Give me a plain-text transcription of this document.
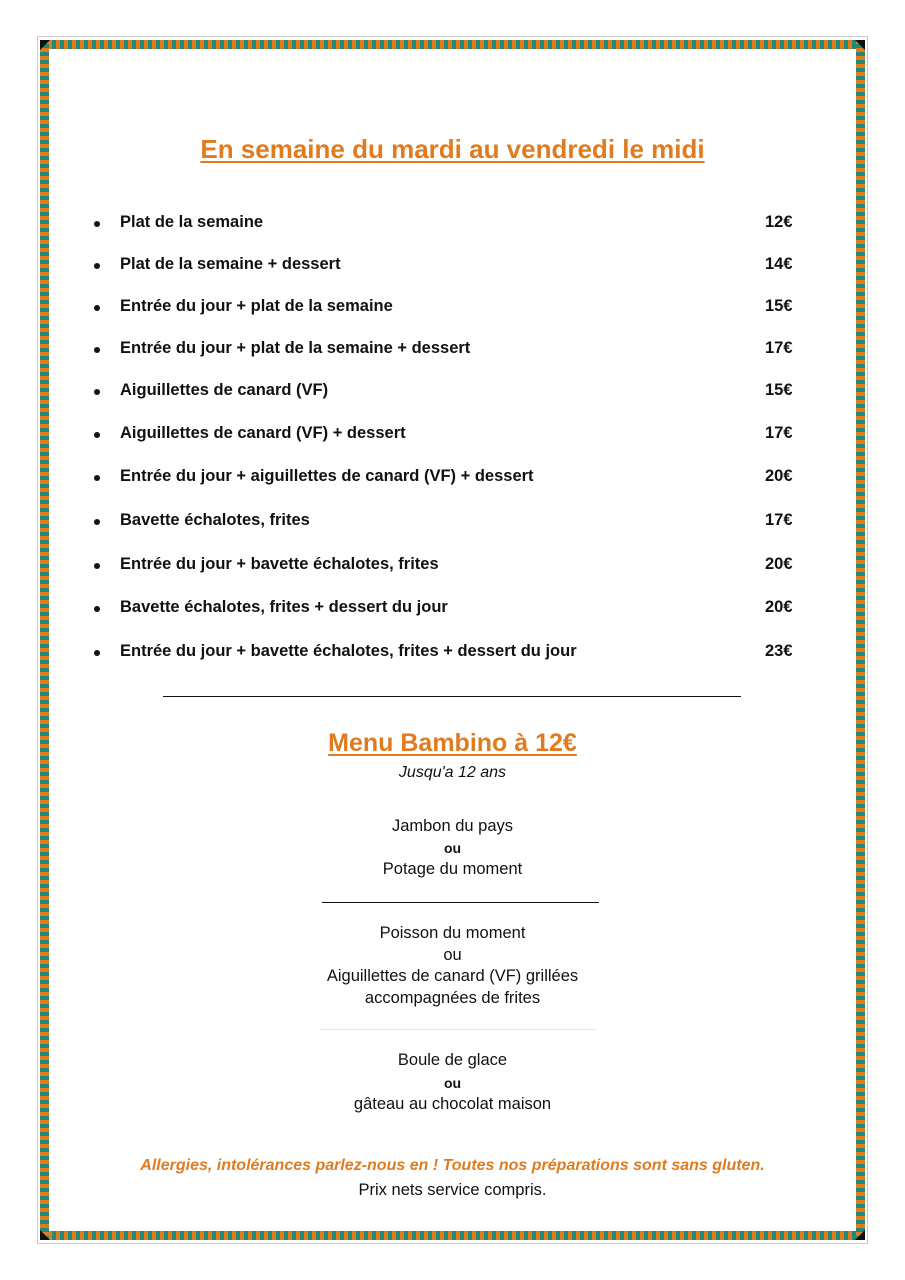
En semaine du mardi au vendredi le midi
Plat de la semaine	12€
Plat de la semaine + dessert	14€
Entrée du jour + plat de la semaine	15€
Entrée du jour + plat de la semaine + dessert	17€
Aiguillettes de canard (VF)	15€
Aiguillettes de canard (VF) + dessert	17€
Entrée du jour + aiguillettes de canard (VF) + dessert	20€
Bavette échalotes, frites	17€
Entrée du jour + bavette échalotes, frites	20€
Bavette échalotes, frites + dessert du jour	20€
Entrée du jour + bavette échalotes, frites + dessert du jour	23€
Menu Bambino à 12€
Jusqu'a 12 ans
Jambon du pays
ou
Potage du moment
Poisson du moment
ou
Aiguillettes de canard (VF) grillées
accompagnées de frites
Boule de glace
ou
gâteau au chocolat maison
Allergies, intolérances parlez-nous en ! Toutes nos préparations sont sans gluten.
Prix nets service compris.
